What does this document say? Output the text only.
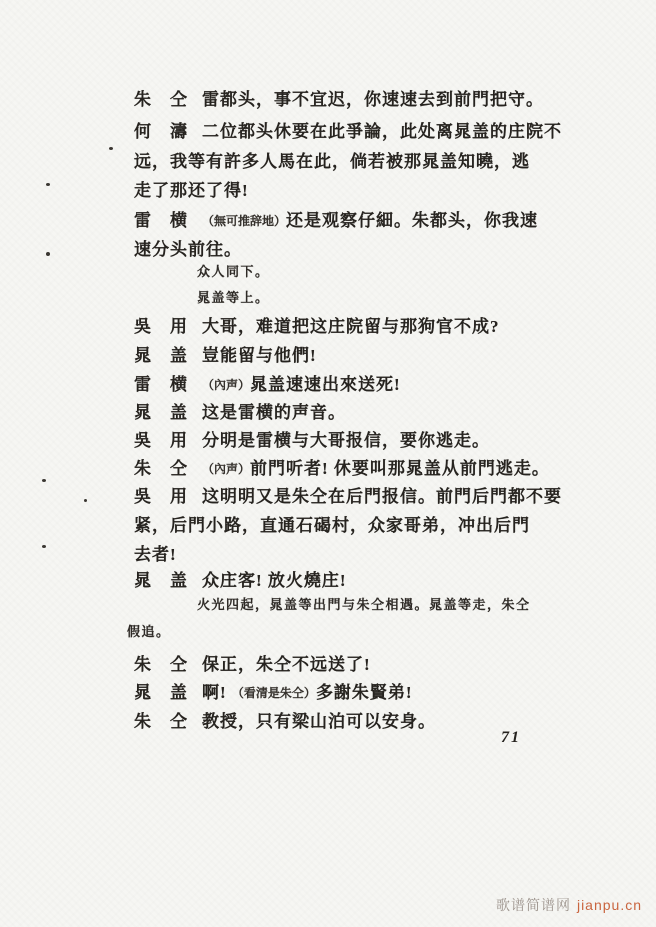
朱　仝 雷都头，事不宜迟，你速速去到前門把守。
何　濤 二位都头休要在此爭論，此处离晁盖的庄院不
远，我等有許多人馬在此，倘若被那晁盖知曉，逃
走了那还了得!
雷　横 （無可推辞地）还是观察仔細。朱都头，你我速
速分头前往。
众人同下。
晁盖等上。
吳　用 大哥，难道把这庄院留与那狗官不成?
晁　盖 豈能留与他們!
雷　横 （內声）晁盖速速出來送死!
晁　盖 这是雷横的声音。
吳　用 分明是雷横与大哥报信，要你逃走。
朱　仝 （內声）前門听者! 休要叫那晁盖从前門逃走。
吳　用 这明明又是朱仝在后門报信。前門后門都不要
紧，后門小路，直通石碣村，众家哥弟，冲出后門
去者!
晁　盖 众庄客! 放火燒庄!
火光四起，晁盖等出門与朱仝相遇。晁盖等走，朱仝
假追。
朱　仝 保正，朱仝不远送了!
晁　盖 啊! （看清是朱仝）多謝朱賢弟!
朱　仝 教授，只有梁山泊可以安身。
71
歌谱简谱网 jianpu.cn
